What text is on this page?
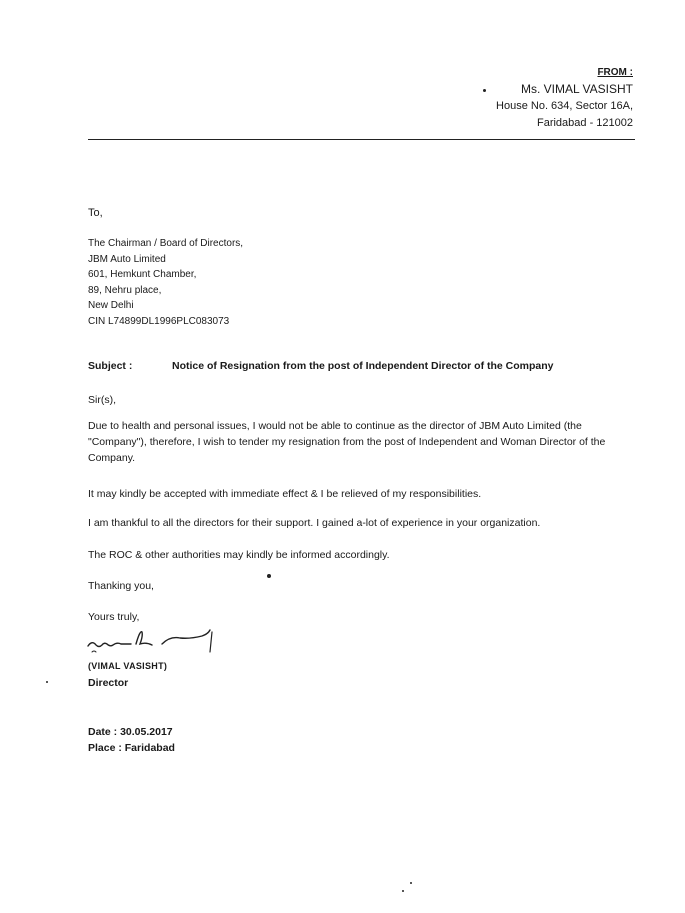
FROM :
Ms. VIMAL VASISHT
House No. 634, Sector 16A,
Faridabad - 121002
To,
The Chairman / Board of Directors,
JBM Auto Limited
601, Hemkunt Chamber,
89, Nehru place,
New Delhi
CIN L74899DL1996PLC083073
Subject :	Notice of Resignation from the post of Independent Director of the Company
Sir(s),
Due to health and personal issues, I would not be able to continue as the director of JBM Auto Limited (the "Company"), therefore, I wish to tender my resignation from the post of Independent and Woman Director of the Company.
It may kindly be accepted with immediate effect & I be relieved of my responsibilities.
I am thankful to all the directors for their support. I gained a-lot of experience in your organization.
The ROC & other authorities may kindly be informed accordingly.
Thanking you,
Yours truly,
(VIMAL VASISHT)
Director
Date : 30.05.2017
Place : Faridabad
